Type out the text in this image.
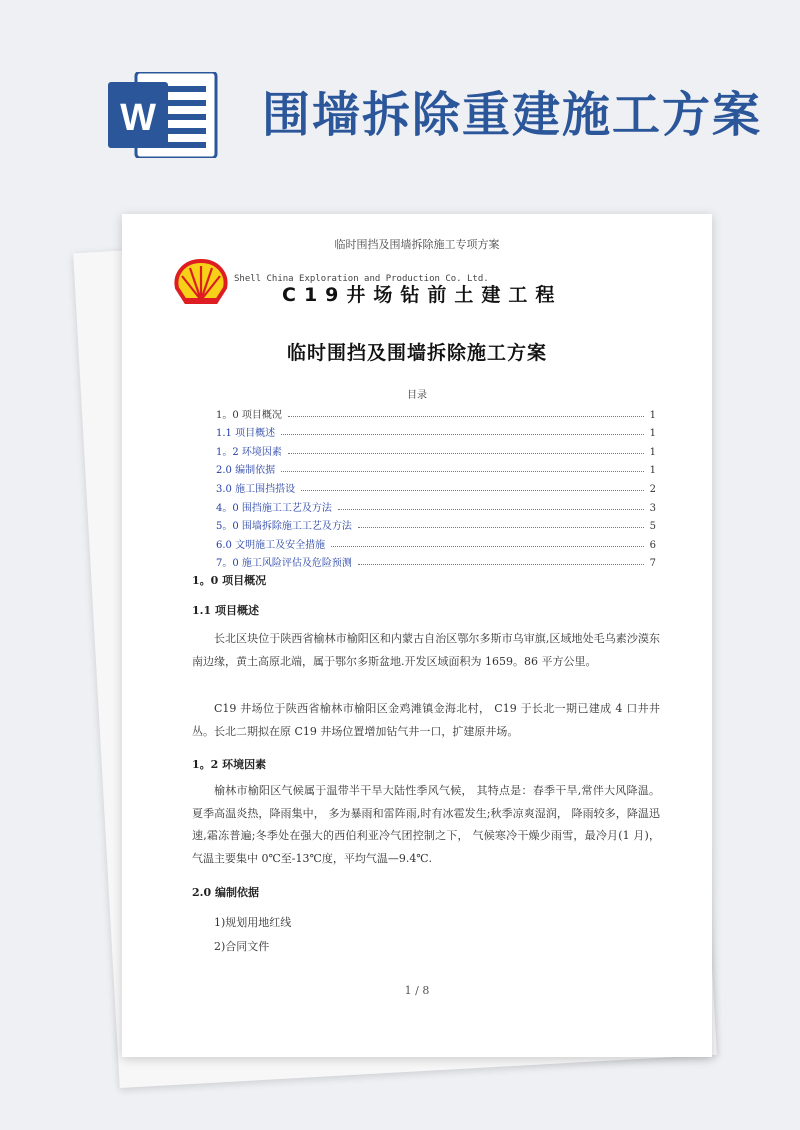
W 围墙拆除重建施工方案
临时围挡及围墙拆除施工专项方案
Shell China Exploration and Production Co. Ltd.
C19井场钻前土建工程
临时围挡及围墙拆除施工方案
目录
1。0 项目概况	1
1.1 项目概述	1
1。2 环境因素	1
2.0 编制依据	1
3.0 施工围挡搭设	2
4。0 围挡施工工艺及方法	3
5。0 围墙拆除施工工艺及方法	5
6.0 文明施工及安全措施	6
7。0 施工风险评估及危险预测	7
1。0 项目概况
1.1 项目概述
长北区块位于陕西省榆林市榆阳区和内蒙古自治区鄂尔多斯市乌审旗,区域地处毛乌素沙漠东南边缘，黄土高原北端，属于鄂尔多斯盆地.开发区域面积为 1659。86 平方公里。
C19 井场位于陕西省榆林市榆阳区金鸡滩镇金海北村， C19 于长北一期已建成 4 口井井丛。长北二期拟在原 C19 井场位置增加钻气井一口，扩建原井场。
1。2 环境因素
榆林市榆阳区气候属于温带半干旱大陆性季风气候， 其特点是：春季干旱,常伴大风降温。夏季高温炎热，降雨集中， 多为暴雨和雷阵雨,时有冰雹发生;秋季凉爽湿润， 降雨较多，降温迅速,霜冻普遍;冬季处在强大的西伯利亚冷气团控制之下， 气候寒冷干燥少雨雪，最冷月(1 月)， 气温主要集中 0℃至-13℃度，平均气温—9.4℃.
2.0 编制依据
1)规划用地红线
2)合同文件
1 / 8
